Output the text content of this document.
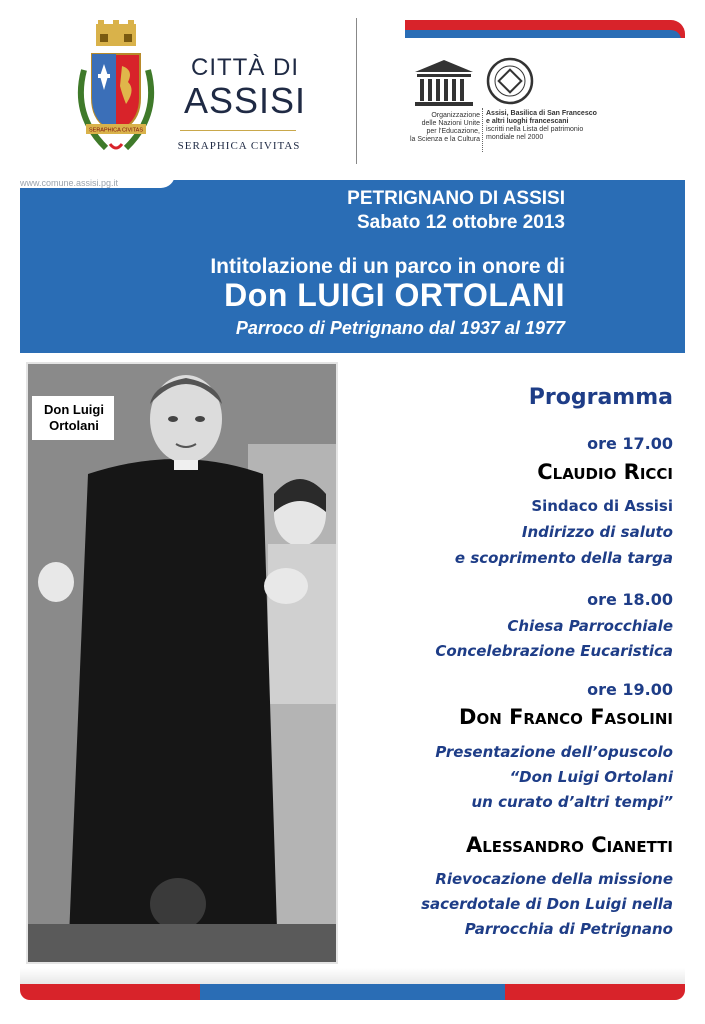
SERAPHICA CIVITAS
CITTÀ DI
ASSISI
SERAPHICA CIVITAS
Organizzazione
delle Nazioni Unite
per l'Educazione,
la Scienza e la Cultura
Assisi, Basilica di San Francesco
e altri luoghi francescani
iscritti nella Lista del patrimonio
mondiale nel 2000
www.comune.assisi.pg.it
PETRIGNANO DI ASSISI
Sabato 12 ottobre 2013
Intitolazione di un parco in onore di
Don LUIGI ORTOLANI
Parroco di Petrignano dal 1937 al 1977
Don Luigi
Ortolani
Programma
ore 17.00
Claudio Ricci
Sindaco di Assisi
Indirizzo di saluto
e scoprimento della targa
ore 18.00
Chiesa Parrocchiale
Concelebrazione Eucaristica
ore 19.00
Don Franco Fasolini
Presentazione dell’opuscolo
“Don Luigi Ortolani
un curato d’altri tempi”
Alessandro Cianetti
Rievocazione della missione
sacerdotale di Don Luigi nella
Parrocchia di Petrignano
